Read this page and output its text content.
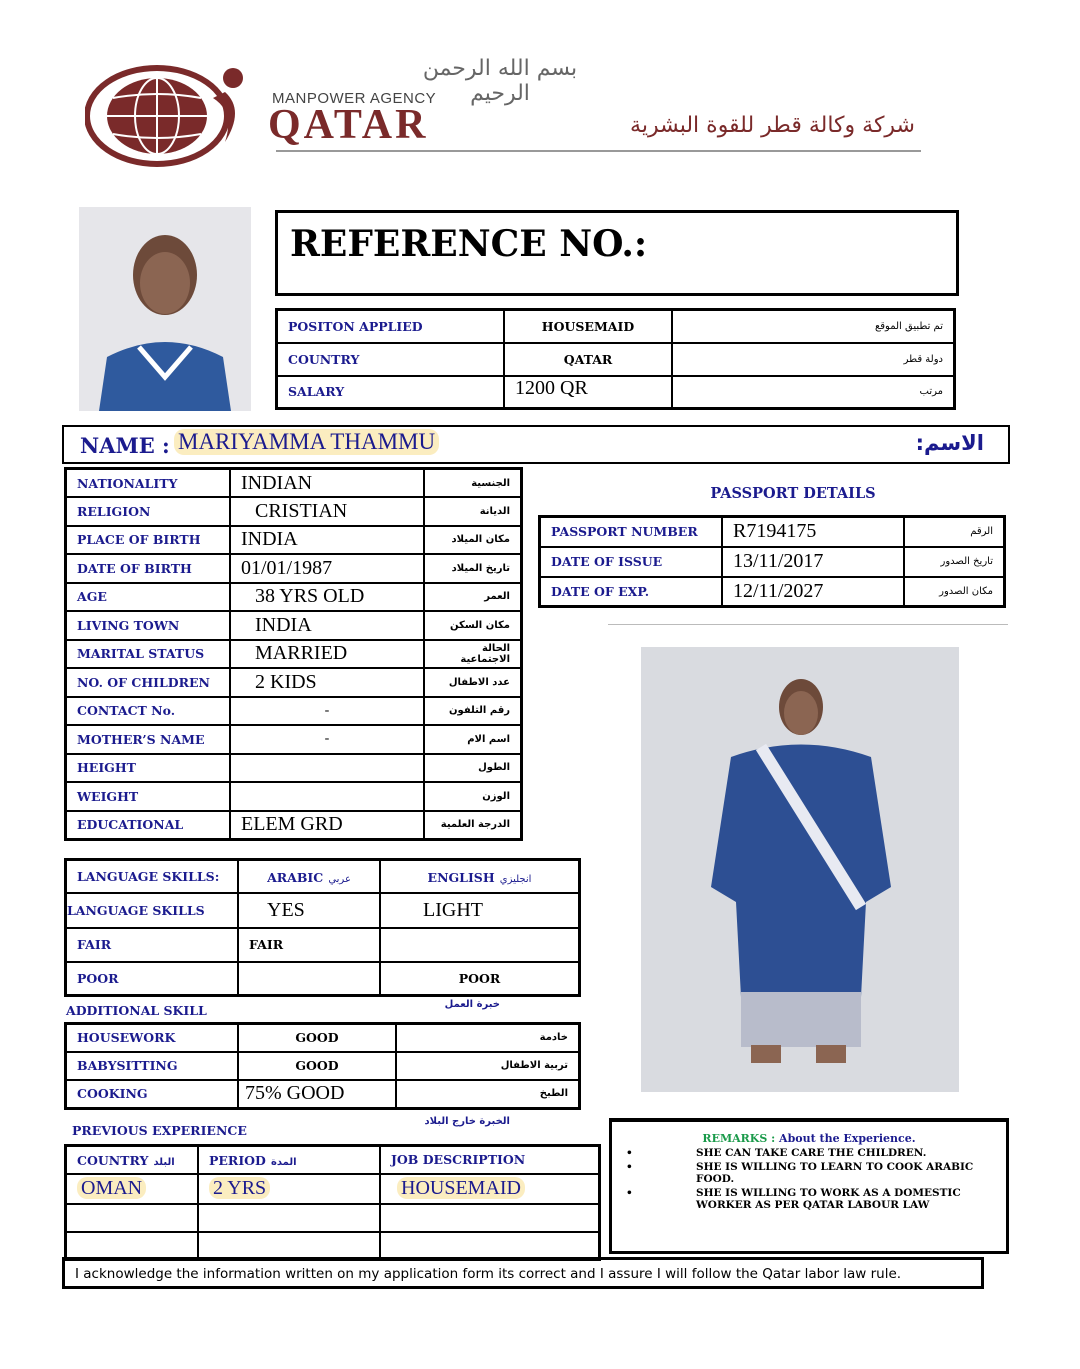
بسم الله الرحمن الرحيم
MANPOWER AGENCY
QATAR	شركة وكالة قطر للقوة البشرية
REFERENCE NO.:
POSITON APPLIED	HOUSEMAID	تم تطبيق الموقع
COUNTRY	QATAR	دولة قطر
SALARY	1200 QR	مرتب
NAME : MARIYAMMA THAMMU	الاسم:
NATIONALITY	INDIAN	الجنسية
RELIGION	CRISTIAN	الديانة
PLACE OF BIRTH	INDIA	مكان الميلاد
DATE OF BIRTH	01/01/1987	تاريخ الميلاد
AGE	38 YRS OLD	العمر
LIVING TOWN	INDIA	مكان السكن
MARITAL STATUS	MARRIED	الحالة الاجتماعية
NO. OF CHILDREN	2 KIDS	عدد الاطفال
CONTACT No.	-	رقم التلفون
MOTHER’S NAME	-	اسم الام
HEIGHT		الطول
WEIGHT		الوزن
EDUCATIONAL	ELEM GRD	الدرجة العلمية
PASSPORT DETAILS
PASSPORT NUMBER	R7194175	الرقم
DATE OF ISSUE	13/11/2017	تاريخ الصدور
DATE OF EXP.	12/11/2027	مكان الصدور
LANGUAGE SKILLS:	ARABIC عربي	ENGLISH انجليزي
LANGUAGE SKILLS	YES	LIGHT
FAIR	FAIR	
POOR		POOR
ADDITIONAL SKILL	خبرة العمل
HOUSEWORK	GOOD	خادمة
BABYSITTING	GOOD	تربية الاطفال
COOKING	75% GOOD	الطبخ
PREVIOUS EXPERIENCE
الخبرة خارج البلاد
COUNTRY البلد	PERIOD المدة	JOB DESCRIPTION
OMAN	2 YRS	HOUSEMAID

REMARKS : About the Experience.
•	SHE CAN TAKE CARE THE CHILDREN.
•	SHE IS WILLING TO LEARN TO COOK ARABIC FOOD.
•	SHE IS WILLING TO WORK AS A DOMESTIC WORKER AS PER QATAR LABOUR LAW
I acknowledge the information written on my application form its correct and I assure I will follow the Qatar labor law rule.
